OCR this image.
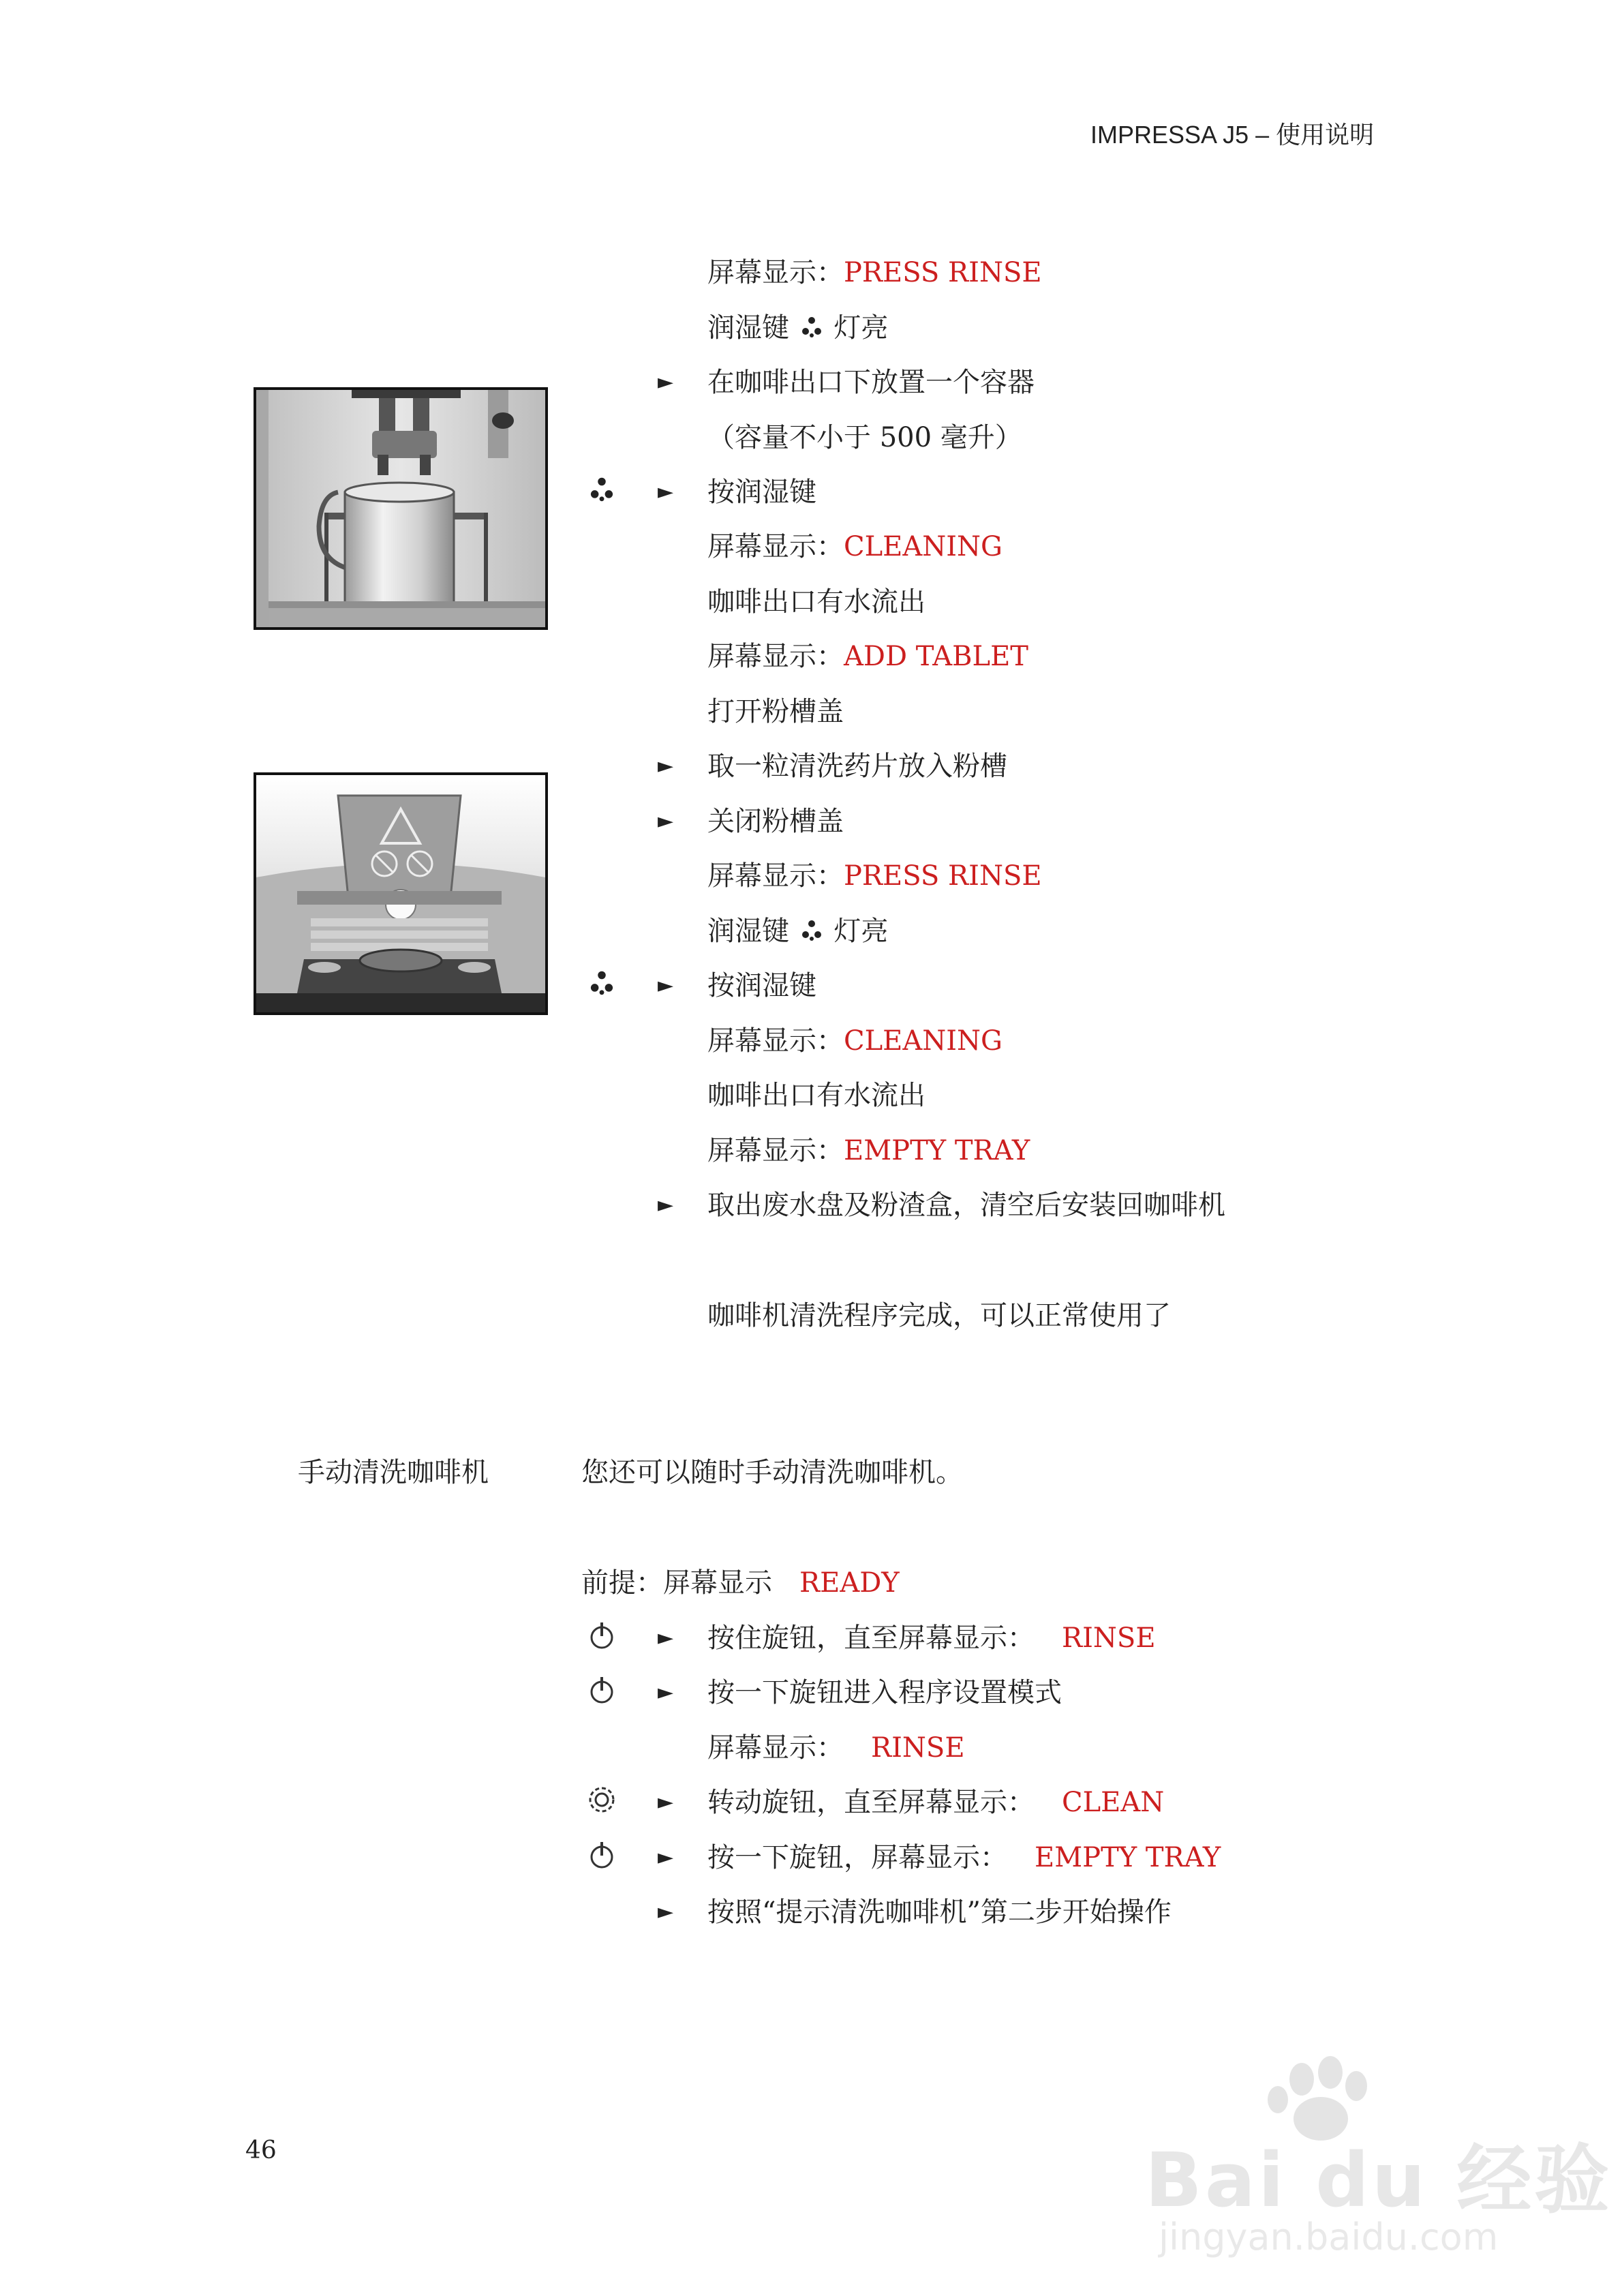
IMPRESSA J5 – 使用说明
屏幕显示：PRESS RINSE
润湿键  灯亮
► 在咖啡出口下放置一个容器
（容量不小于 500 毫升）
► 按润湿键
屏幕显示：CLEANING
咖啡出口有水流出
屏幕显示：ADD TABLET
打开粉槽盖
► 取一粒清洗药片放入粉槽
► 关闭粉槽盖
屏幕显示：PRESS RINSE
润湿键  灯亮
► 按润湿键
屏幕显示：CLEANING
咖啡出口有水流出
屏幕显示：EMPTY TRAY
► 取出废水盘及粉渣盒，清空后安装回咖啡机
咖啡机清洗程序完成，可以正常使用了
手动清洗咖啡机	您还可以随时手动清洗咖啡机。
前提：屏幕显示 READY
► 按住旋钮，直至屏幕显示： RINSE
► 按一下旋钮进入程序设置模式
屏幕显示： RINSE
► 转动旋钮，直至屏幕显示： CLEAN
► 按一下旋钮，屏幕显示： EMPTY TRAY
► 按照“提示清洗咖啡机”第二步开始操作
46	Bai du 经验
jingyan.baidu.com
